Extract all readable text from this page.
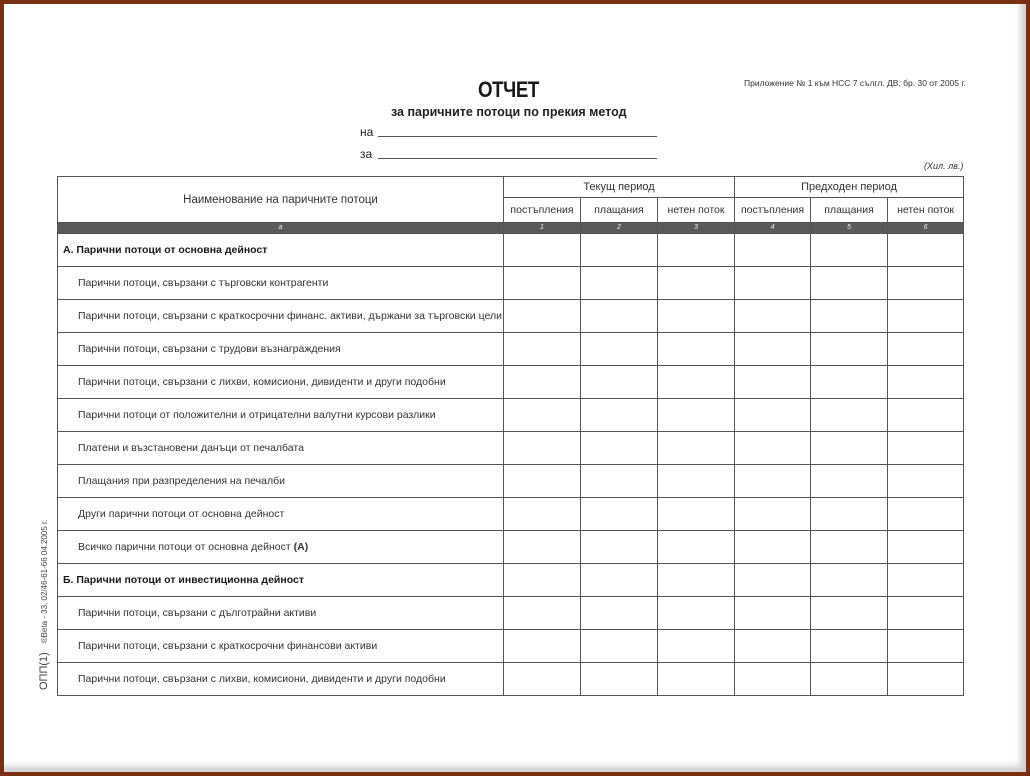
ОТЧЕТ
за паричните потоци по прекия метод
Приложение № 1 към НСС 7 сългл. ДВ, бр. 30 от 2005 г.
на
за
(Хил. лв.)
ОПП(1)    ®Beta - 33, 02/46-61-66 04.2005 г.
Наименование на паричните потоци	Текущ период			Предходен период		
	постъпления	плащания	нетен поток	постъпления	плащания	нетен поток
а	1	2	3	4	5	6
А. Парични потоци от основна дейност						
Парични потоци, свързани с търговски контрагенти						
Парични потоци, свързани с краткосрочни финанс. активи, държани за търговски цели						
Парични потоци, свързани с трудови възнаграждения						
Парични потоци, свързани с лихви, комисиони, дивиденти и други подобни						
Парични потоци от положителни и отрицателни валутни курсови разлики						
Платени и възстановени данъци от печалбата						
Плащания при разпределения на печалби						
Други парични потоци от основна дейност						
Всичко парични потоци от основна дейност (А)						
Б. Парични потоци от инвестиционна дейност						
Парични потоци, свързани с дълготрайни активи						
Парични потоци, свързани с краткосрочни финансови активи						
Парични потоци, свързани с лихви, комисиони, дивиденти и други подобни						
